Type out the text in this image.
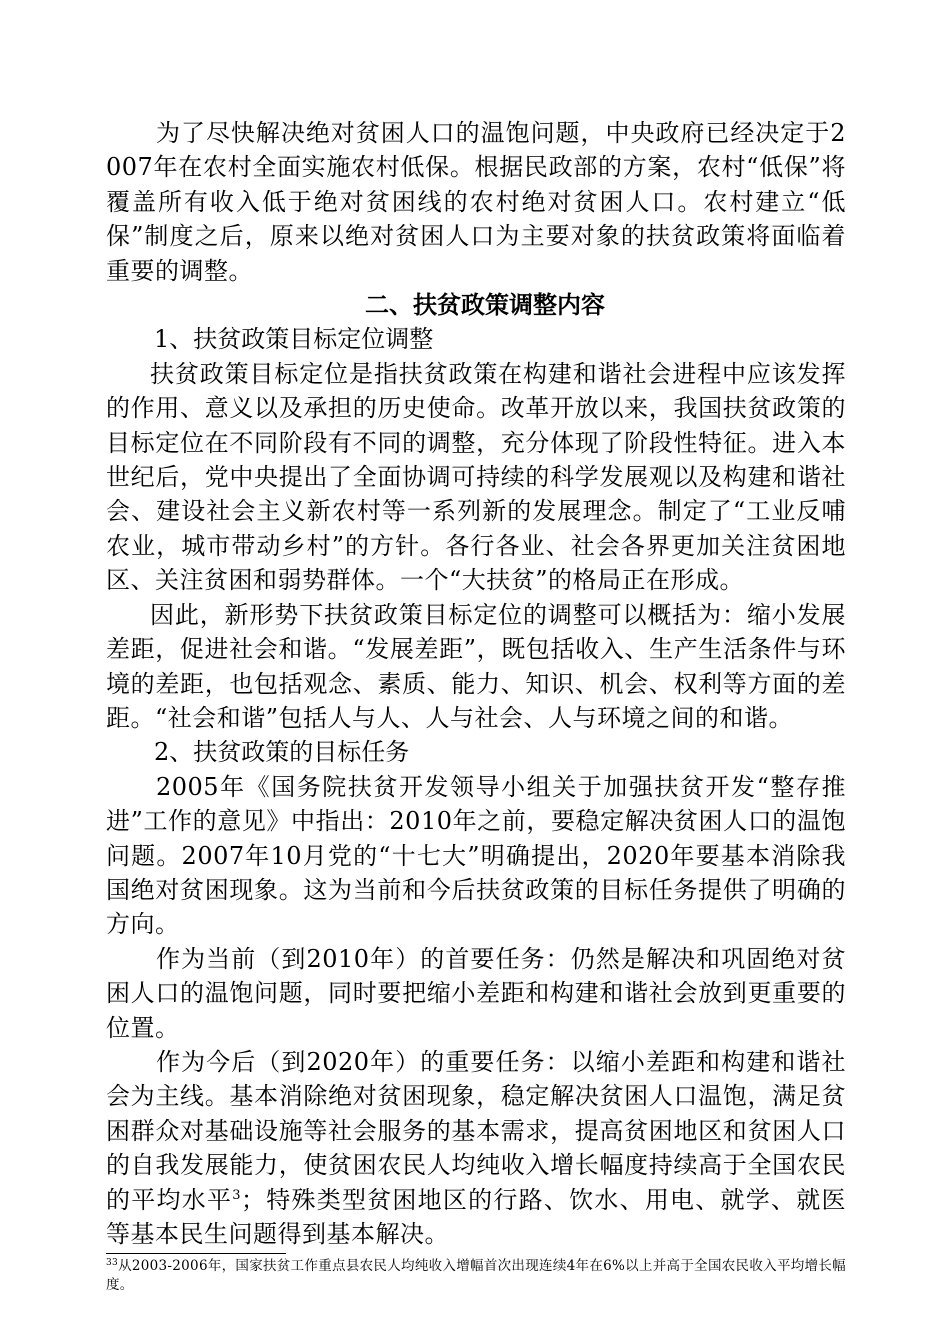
为了尽快解决绝对贫困人口的温饱问题，中央政府已经决定于2007年在农村全面实施农村低保。根据民政部的方案，农村“低保”将覆盖所有收入低于绝对贫困线的农村绝对贫困人口。农村建立“低保”制度之后，原来以绝对贫困人口为主要对象的扶贫政策将面临着重要的调整。

二、扶贫政策调整内容

1、扶贫政策目标定位调整

扶贫政策目标定位是指扶贫政策在构建和谐社会进程中应该发挥的作用、意义以及承担的历史使命。改革开放以来，我国扶贫政策的目标定位在不同阶段有不同的调整，充分体现了阶段性特征。进入本世纪后，党中央提出了全面协调可持续的科学发展观以及构建和谐社会、建设社会主义新农村等一系列新的发展理念。制定了“工业反哺农业，城市带动乡村”的方针。各行各业、社会各界更加关注贫困地区、关注贫困和弱势群体。一个“大扶贫”的格局正在形成。

因此，新形势下扶贫政策目标定位的调整可以概括为：缩小发展差距，促进社会和谐。“发展差距”，既包括收入、生产生活条件与环境的差距，也包括观念、素质、能力、知识、机会、权利等方面的差距。“社会和谐”包括人与人、人与社会、人与环境之间的和谐。

2、扶贫政策的目标任务

2005年《国务院扶贫开发领导小组关于加强扶贫开发“整存推进”工作的意见》中指出：2010年之前，要稳定解决贫困人口的温饱问题。2007年10月党的“十七大”明确提出，2020年要基本消除我国绝对贫困现象。这为当前和今后扶贫政策的目标任务提供了明确的方向。

作为当前（到2010年）的首要任务：仍然是解决和巩固绝对贫困人口的温饱问题，同时要把缩小差距和构建和谐社会放到更重要的位置。

作为今后（到2020年）的重要任务：以缩小差距和构建和谐社会为主线。基本消除绝对贫困现象，稳定解决贫困人口温饱，满足贫困群众对基础设施等社会服务的基本需求，提高贫困地区和贫困人口的自我发展能力，使贫困农民人均纯收入增长幅度持续高于全国农民的平均水平$^3$；特殊类型贫困地区的行路、饮水、用电、就学、就医等基本民生问题得到基本解决。

$^{33}$从2003-2006年，国家扶贫工作重点县农民人均纯收入增幅首次出现连续4年在6%以上并高于全国农民收入平均增长幅度。
